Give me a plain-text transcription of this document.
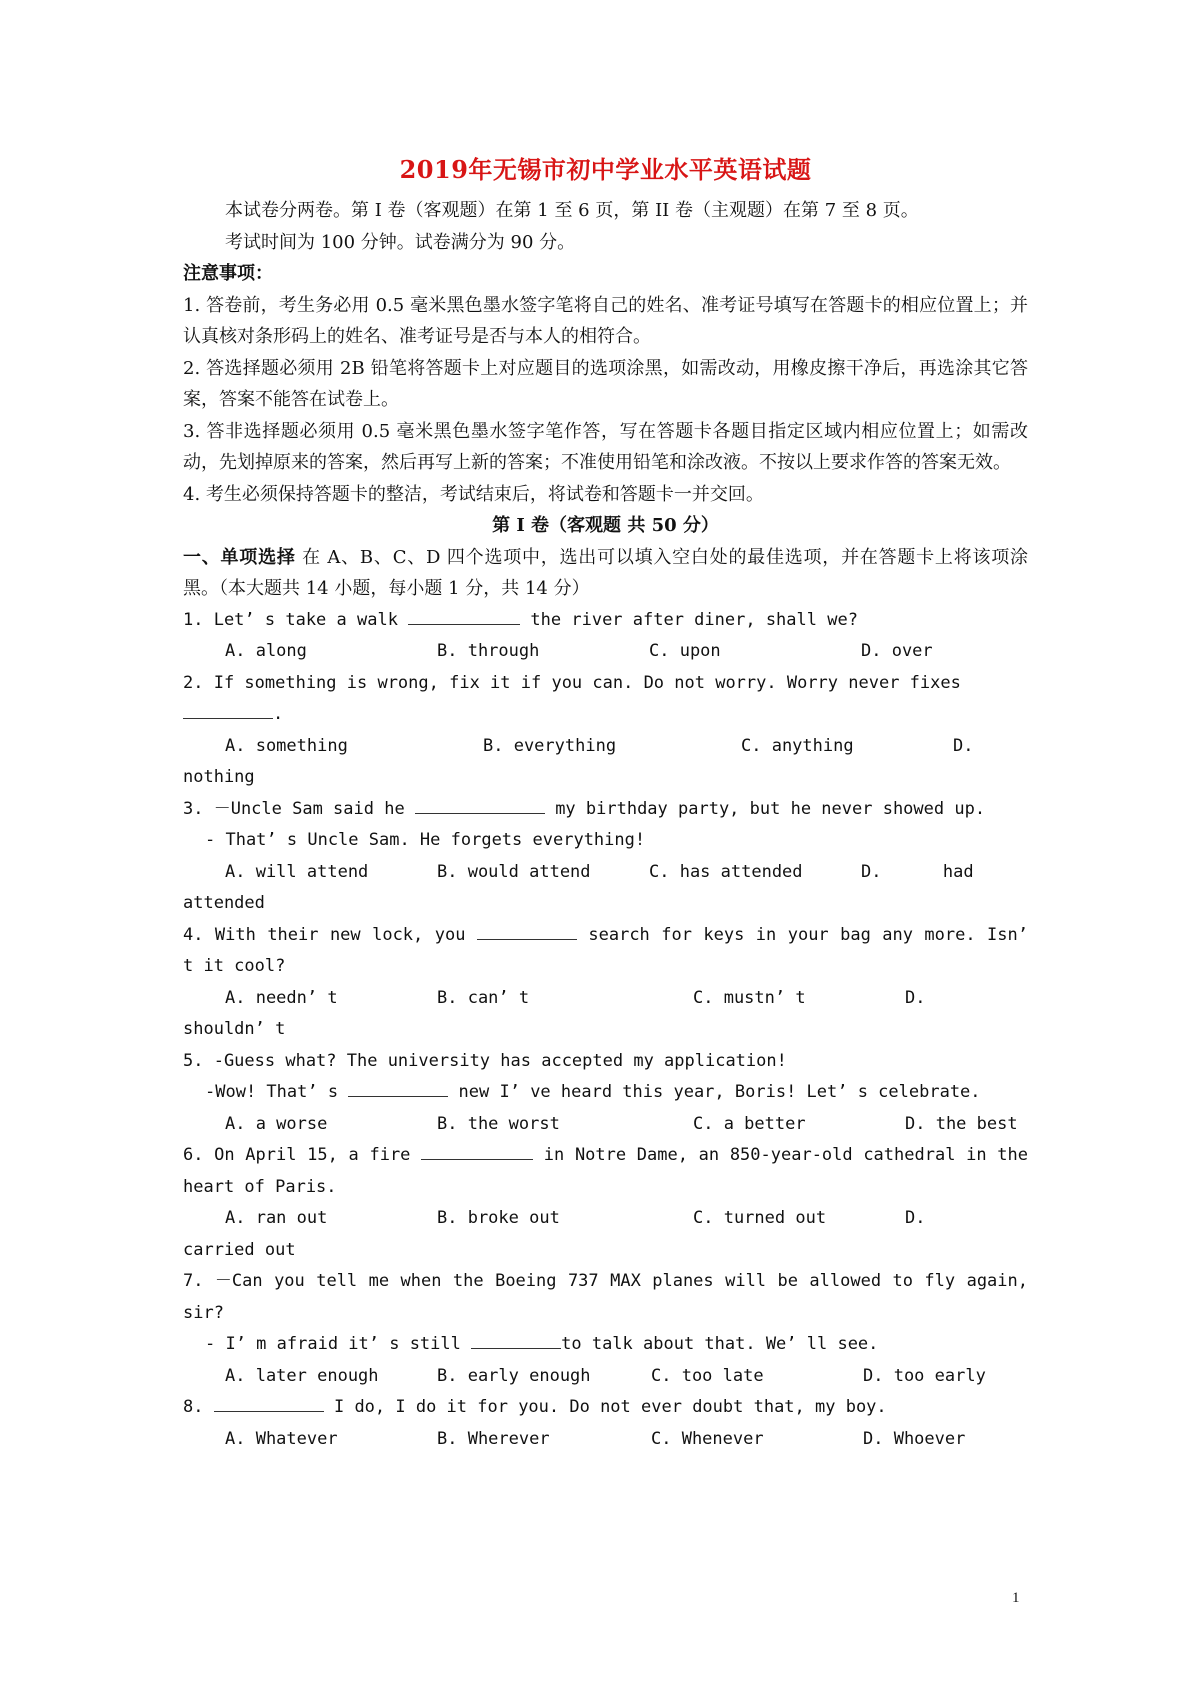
2019年无锡市初中学业水平英语试题

本试卷分两卷。第 I 卷（客观题）在第 1 至 6 页，第 II 卷（主观题）在第 7 至 8 页。

考试时间为 100 分钟。试卷满分为 90 分。

注意事项：

1. 答卷前，考生务必用 0.5 毫米黑色墨水签字笔将自己的姓名、准考证号填写在答题卡的相应位置上；并认真核对条形码上的姓名、准考证号是否与本人的相符合。

2. 答选择题必须用 2B 铅笔将答题卡上对应题目的选项涂黑，如需改动，用橡皮擦干净后，再选涂其它答案，答案不能答在试卷上。

3. 答非选择题必须用 0.5 毫米黑色墨水签字笔作答，写在答题卡各题目指定区域内相应位置上；如需改动，先划掉原来的答案，然后再写上新的答案；不准使用铅笔和涂改液。不按以上要求作答的答案无效。

4. 考生必须保持答题卡的整洁，考试结束后，将试卷和答题卡一并交回。

第 I 卷（客观题 共 50 分）

一、单项选择 在 A、B、C、D 四个选项中，选出可以填入空白处的最佳选项，并在答题卡上将该项涂黑。（本大题共 14 小题，每小题 1 分，共 14 分）

1. Let’ s take a walk	the river after diner, shall we?

A. along	B. through	C. upon	D. over

2. If something is wrong, fix it if you can. Do not worry. Worry never fixes
.

A. something	B. everything	C. anything	D.

nothing

3. －Uncle Sam said he	my birthday party, but he never showed up.

- That’ s Uncle Sam. He forgets everything!

A. will attend	B. would attend	C. has attended	D.      had

attended

4. With their new lock, you	search for keys in your bag any more. Isn’ t it cool?

A. needn’ t	B. can’ t	C. mustn’ t	D.

shouldn’ t

5. -Guess what? The university has accepted my application!

-Wow! That’ s	new I’ ve heard this year, Boris! Let’ s celebrate.

A. a worse	B. the worst	C. a better	D. the best

6. On April 15, a fire	in Notre Dame, an 850-year-old cathedral in the heart of Paris.

A. ran out	B. broke out	C. turned out	D.

carried out

7. －Can you tell me when the Boeing 737 MAX planes will be allowed to fly again, sir?

- I’ m afraid it’ s still	to talk about that. We’ ll see.

A. later enough	B. early enough	C. too late	D. too early

8.	I do, I do it for you. Do not ever doubt that, my boy.

A. Whatever	B. Wherever	C. Whenever	D. Whoever
1
